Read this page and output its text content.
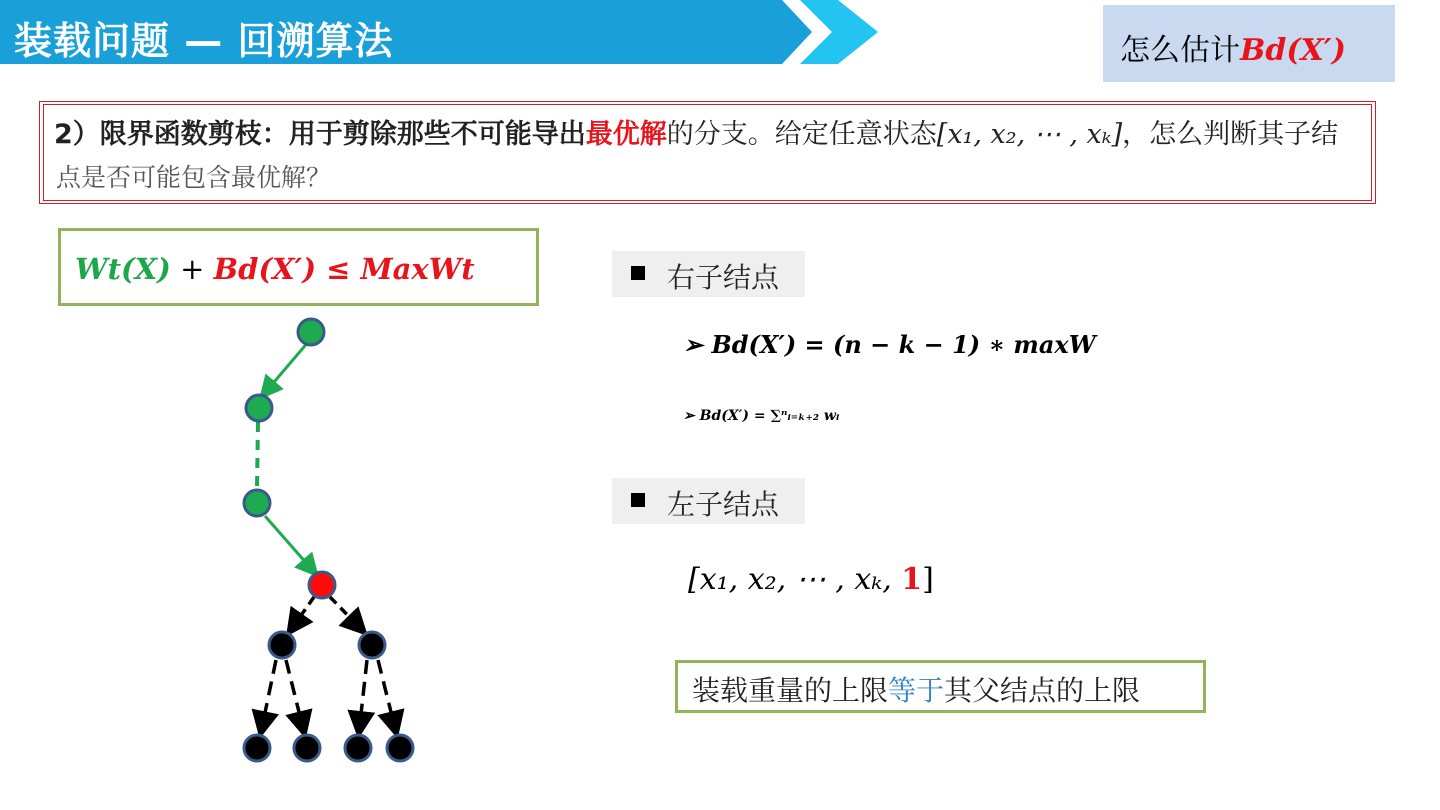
装载问题 — 回溯算法	怎么估计Bd(X′)
2）限界函数剪枝：用于剪除那些不可能导出最优解的分支。给定任意状态[x₁, x₂, ⋯ , xₖ]，怎么判断其子结
点是否可能包含最优解？
Wt(X) + Bd(X′) ≤ MaxWt	右子结点
➢ Bd(X′) = (n − k − 1) ∗ maxW
➢ Bd(X′) = ∑ⁿᵢ₌ₖ₊₂ wᵢ
左子结点
[x₁, x₂, ⋯ , xₖ, 1]
装载重量的上限等于其父结点的上限
